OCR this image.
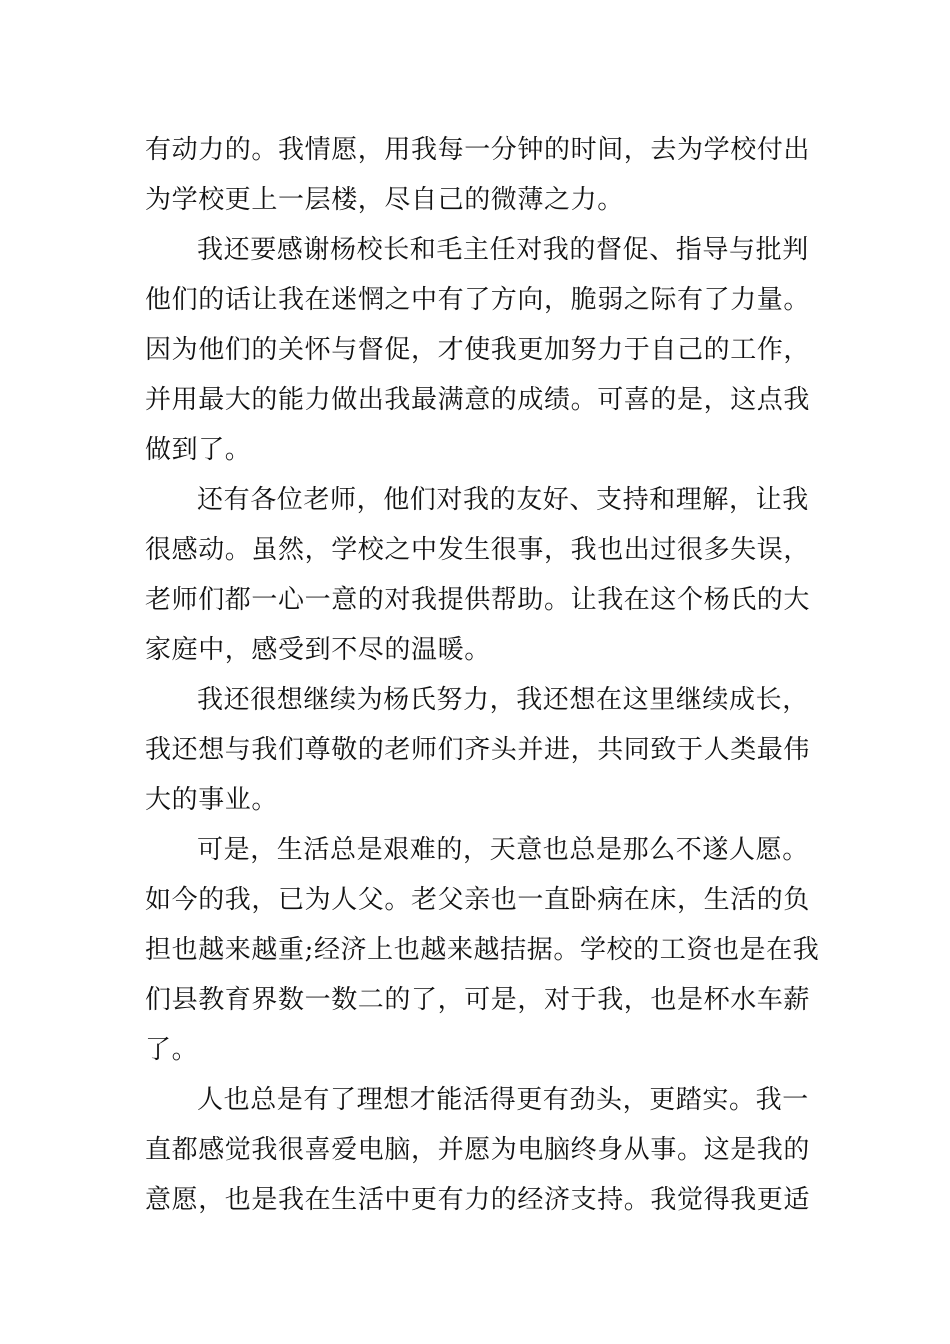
有动力的。我情愿，用我每一分钟的时间，去为学校付出
为学校更上一层楼，尽自己的微薄之力。
我还要感谢杨校长和毛主任对我的督促、指导与批判
他们的话让我在迷惘之中有了方向，脆弱之际有了力量。
因为他们的关怀与督促，才使我更加努力于自己的工作，
并用最大的能力做出我最满意的成绩。可喜的是，这点我
做到了。
还有各位老师，他们对我的友好、支持和理解，让我
很感动。虽然，学校之中发生很事，我也出过很多失误，
老师们都一心一意的对我提供帮助。让我在这个杨氏的大
家庭中，感受到不尽的温暖。
我还很想继续为杨氏努力，我还想在这里继续成长，
我还想与我们尊敬的老师们齐头并进，共同致于人类最伟
大的事业。
可是，生活总是艰难的，天意也总是那么不遂人愿。
如今的我，已为人父。老父亲也一直卧病在床，生活的负
担也越来越重;经济上也越来越拮据。学校的工资也是在我
们县教育界数一数二的了，可是，对于我，也是杯水车薪
了。
人也总是有了理想才能活得更有劲头，更踏实。我一
直都感觉我很喜爱电脑，并愿为电脑终身从事。这是我的
意愿，也是我在生活中更有力的经济支持。我觉得我更适
